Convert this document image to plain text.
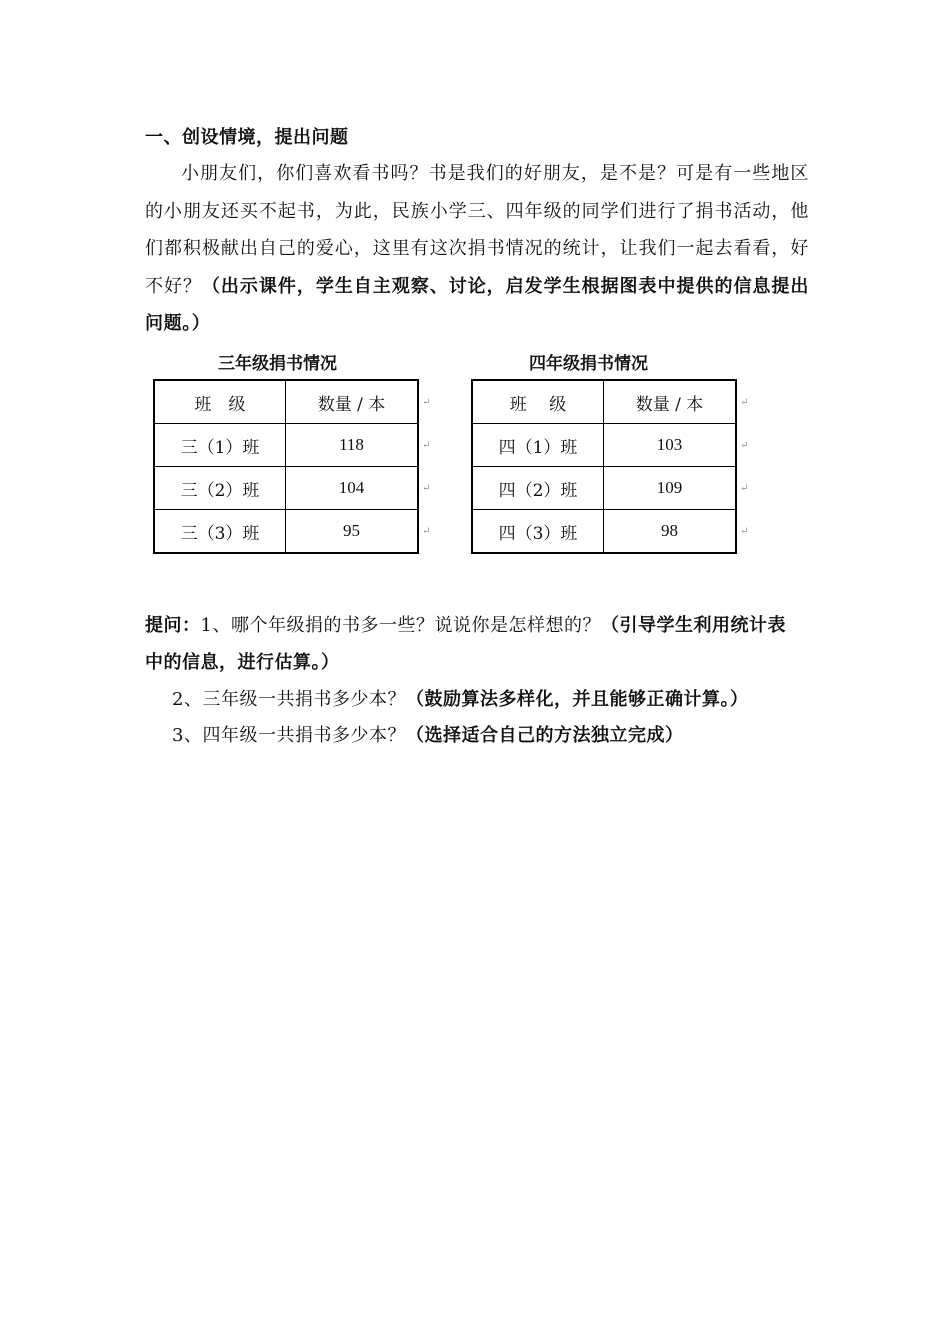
一、创设情境，提出问题
小朋友们，你们喜欢看书吗？书是我们的好朋友，是不是？可是有一些地区的小朋友还买不起书，为此，民族小学三、四年级的同学们进行了捐书活动，他们都积极献出自己的爱心，这里有这次捐书情况的统计，让我们一起去看看，好不好？（出示课件，学生自主观察、讨论，启发学生根据图表中提供的信息提出问题。）
三年级捐书情况
班　级	数量 / 本
三（1）班	118
三（2）班	104
三（3）班	95
↵
↵
↵
↵
四年级捐书情况
班　 级	数量 / 本
四（1）班	103
四（2）班	109
四（3）班	98
↵
↵
↵
↵
提问：1、哪个年级捐的书多一些？说说你是怎样想的？（引导学生利用统计表
中的信息，进行估算。）
2、三年级一共捐书多少本？（鼓励算法多样化，并且能够正确计算。）
3、四年级一共捐书多少本？（选择适合自己的方法独立完成）
